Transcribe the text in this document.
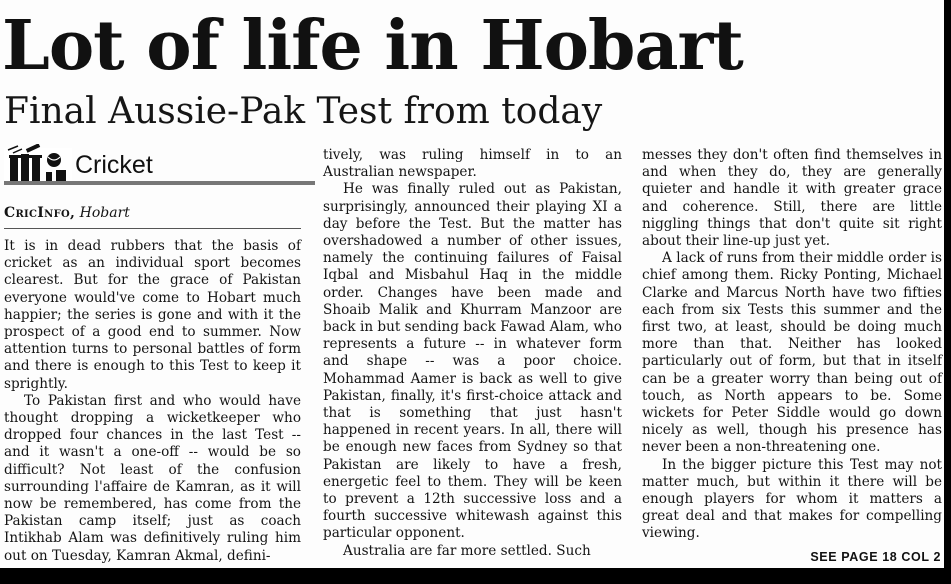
Lot of life in Hobart
Final Aussie-Pak Test from today
Cricket
CricInfo, Hobart

It is in dead rubbers that the basis of cricket as an individual sport becomes clearest. But for the grace of Pakistan everyone would've come to Hobart much happier; the series is gone and with it the prospect of a good end to summer. Now attention turns to personal battles of form and there is enough to this Test to keep it sprightly.

To Pakistan first and who would have thought dropping a wicketkeeper who dropped four chances in the last Test -- and it wasn't a one-off -- would be so difficult? Not least of the confusion surrounding l'affaire de Kamran, as it will now be remembered, has come from the Pakistan camp itself; just as coach Intikhab Alam was definitively ruling him out on Tuesday, Kamran Akmal, defini-

tively, was ruling himself in to an Australian newspaper.

He was finally ruled out as Pakistan, surprisingly, announced their playing XI a day before the Test. But the matter has overshadowed a number of other issues, namely the continuing failures of Faisal Iqbal and Misbahul Haq in the middle order. Changes have been made and Shoaib Malik and Khurram Manzoor are back in but sending back Fawad Alam, who represents a future -- in whatever form and shape -- was a poor choice. Mohammad Aamer is back as well to give Pakistan, finally, it's first-choice attack and that is something that just hasn't happened in recent years. In all, there will be enough new faces from Sydney so that Pakistan are likely to have a fresh, energetic feel to them. They will be keen to prevent a 12th successive loss and a fourth successive whitewash against this particular opponent.

Australia are far more settled. Such

messes they don't often find themselves in and when they do, they are generally quieter and handle it with greater grace and coherence. Still, there are little niggling things that don't quite sit right about their line-up just yet.

A lack of runs from their middle order is chief among them. Ricky Ponting, Michael Clarke and Marcus North have two fifties each from six Tests this summer and the first two, at least, should be doing much more than that. Neither has looked particularly out of form, but that in itself can be a greater worry than being out of touch, as North appears to be. Some wickets for Peter Siddle would go down nicely as well, though his presence has never been a non-threatening one.

In the bigger picture this Test may not matter much, but within it there will be enough players for whom it matters a great deal and that makes for compelling viewing.

SEE PAGE 18 COL 2
